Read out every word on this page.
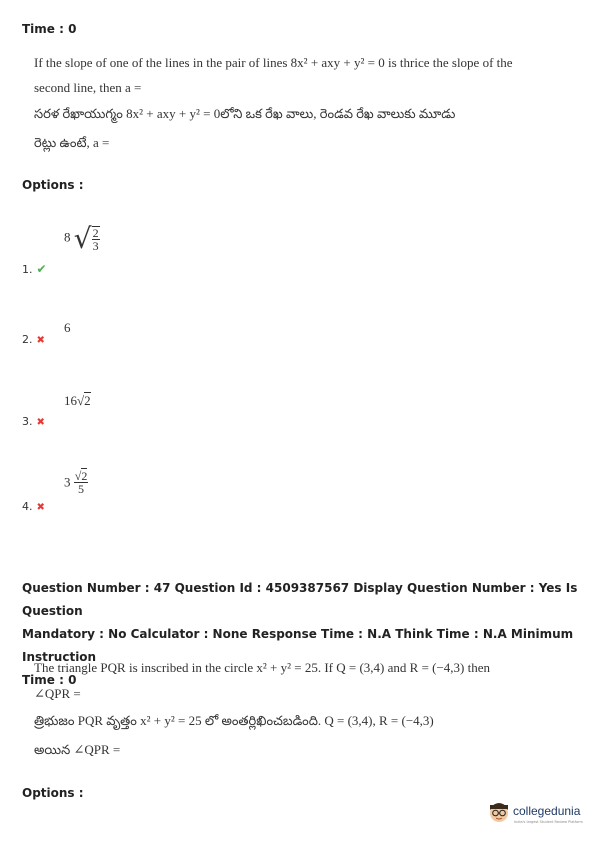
Time : 0
If the slope of one of the lines in the pair of lines 8x² + axy + y² = 0 is thrice the slope of the
second line, then a =
సరళ రేఖాయుగ్మం 8x² + axy + y² = 0లోని ఒక రేఖ వాలు, రెండవ రేఖ వాలుకు మూడు
రెట్లు ఉంటే, a =
Options :
1. ✔
8 √ $\frac{2}{3}$
2. ✖
6
3. ✖
16√2
4. ✖
$3 \frac{√2}{5}$
Question Number : 47 Question Id : 4509387567 Display Question Number : Yes Is Question
Mandatory : No Calculator : None Response Time : N.A Think Time : N.A Minimum Instruction
Time : 0
The triangle PQR is inscribed in the circle x² + y² = 25. If Q = (3,4) and R = (−4,3) then
∠QPR =
త్రిభుజం PQR వృత్తం x² + y² = 25 లో అంతర్లిఖించబడింది. Q = (3,4), R = (−4,3)
అయిన ∠QPR =
Options :
collegedunia
India's largest Student Review Platform
